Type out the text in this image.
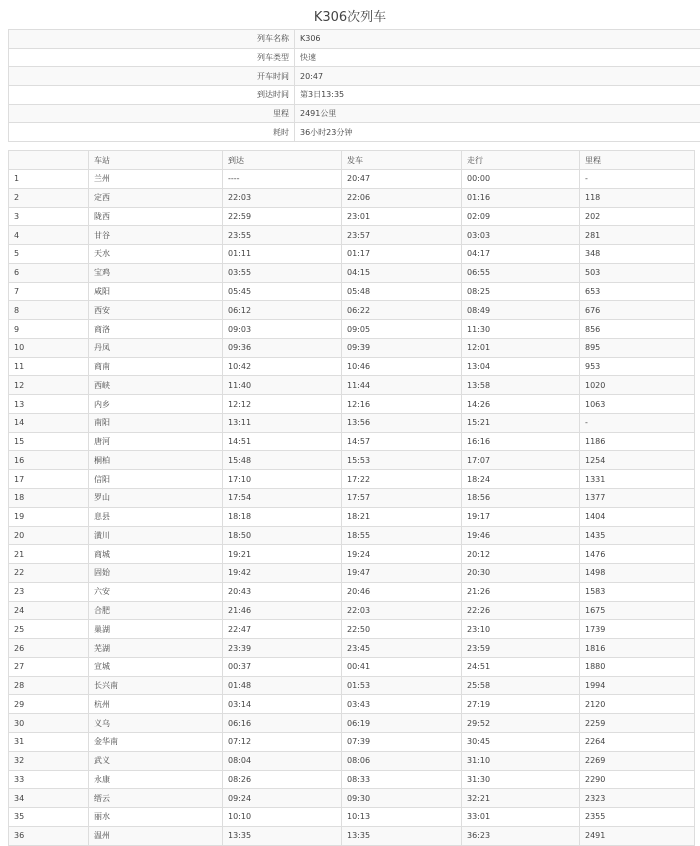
K306次列车
列车名称	K306
列车类型	快速
开车时间	20:47
到达时间	第3日13:35
里程	2491公里
耗时	36小时23分钟
	车站	到达	发车	走行	里程
1	兰州	----	20:47	00:00	-
2	定西	22:03	22:06	01:16	118
3	陇西	22:59	23:01	02:09	202
4	甘谷	23:55	23:57	03:03	281
5	天水	01:11	01:17	04:17	348
6	宝鸡	03:55	04:15	06:55	503
7	咸阳	05:45	05:48	08:25	653
8	西安	06:12	06:22	08:49	676
9	商洛	09:03	09:05	11:30	856
10	丹凤	09:36	09:39	12:01	895
11	商南	10:42	10:46	13:04	953
12	西峡	11:40	11:44	13:58	1020
13	内乡	12:12	12:16	14:26	1063
14	南阳	13:11	13:56	15:21	-
15	唐河	14:51	14:57	16:16	1186
16	桐柏	15:48	15:53	17:07	1254
17	信阳	17:10	17:22	18:24	1331
18	罗山	17:54	17:57	18:56	1377
19	息县	18:18	18:21	19:17	1404
20	潢川	18:50	18:55	19:46	1435
21	商城	19:21	19:24	20:12	1476
22	固始	19:42	19:47	20:30	1498
23	六安	20:43	20:46	21:26	1583
24	合肥	21:46	22:03	22:26	1675
25	巢湖	22:47	22:50	23:10	1739
26	芜湖	23:39	23:45	23:59	1816
27	宣城	00:37	00:41	24:51	1880
28	长兴南	01:48	01:53	25:58	1994
29	杭州	03:14	03:43	27:19	2120
30	义乌	06:16	06:19	29:52	2259
31	金华南	07:12	07:39	30:45	2264
32	武义	08:04	08:06	31:10	2269
33	永康	08:26	08:33	31:30	2290
34	缙云	09:24	09:30	32:21	2323
35	丽水	10:10	10:13	33:01	2355
36	温州	13:35	13:35	36:23	2491
